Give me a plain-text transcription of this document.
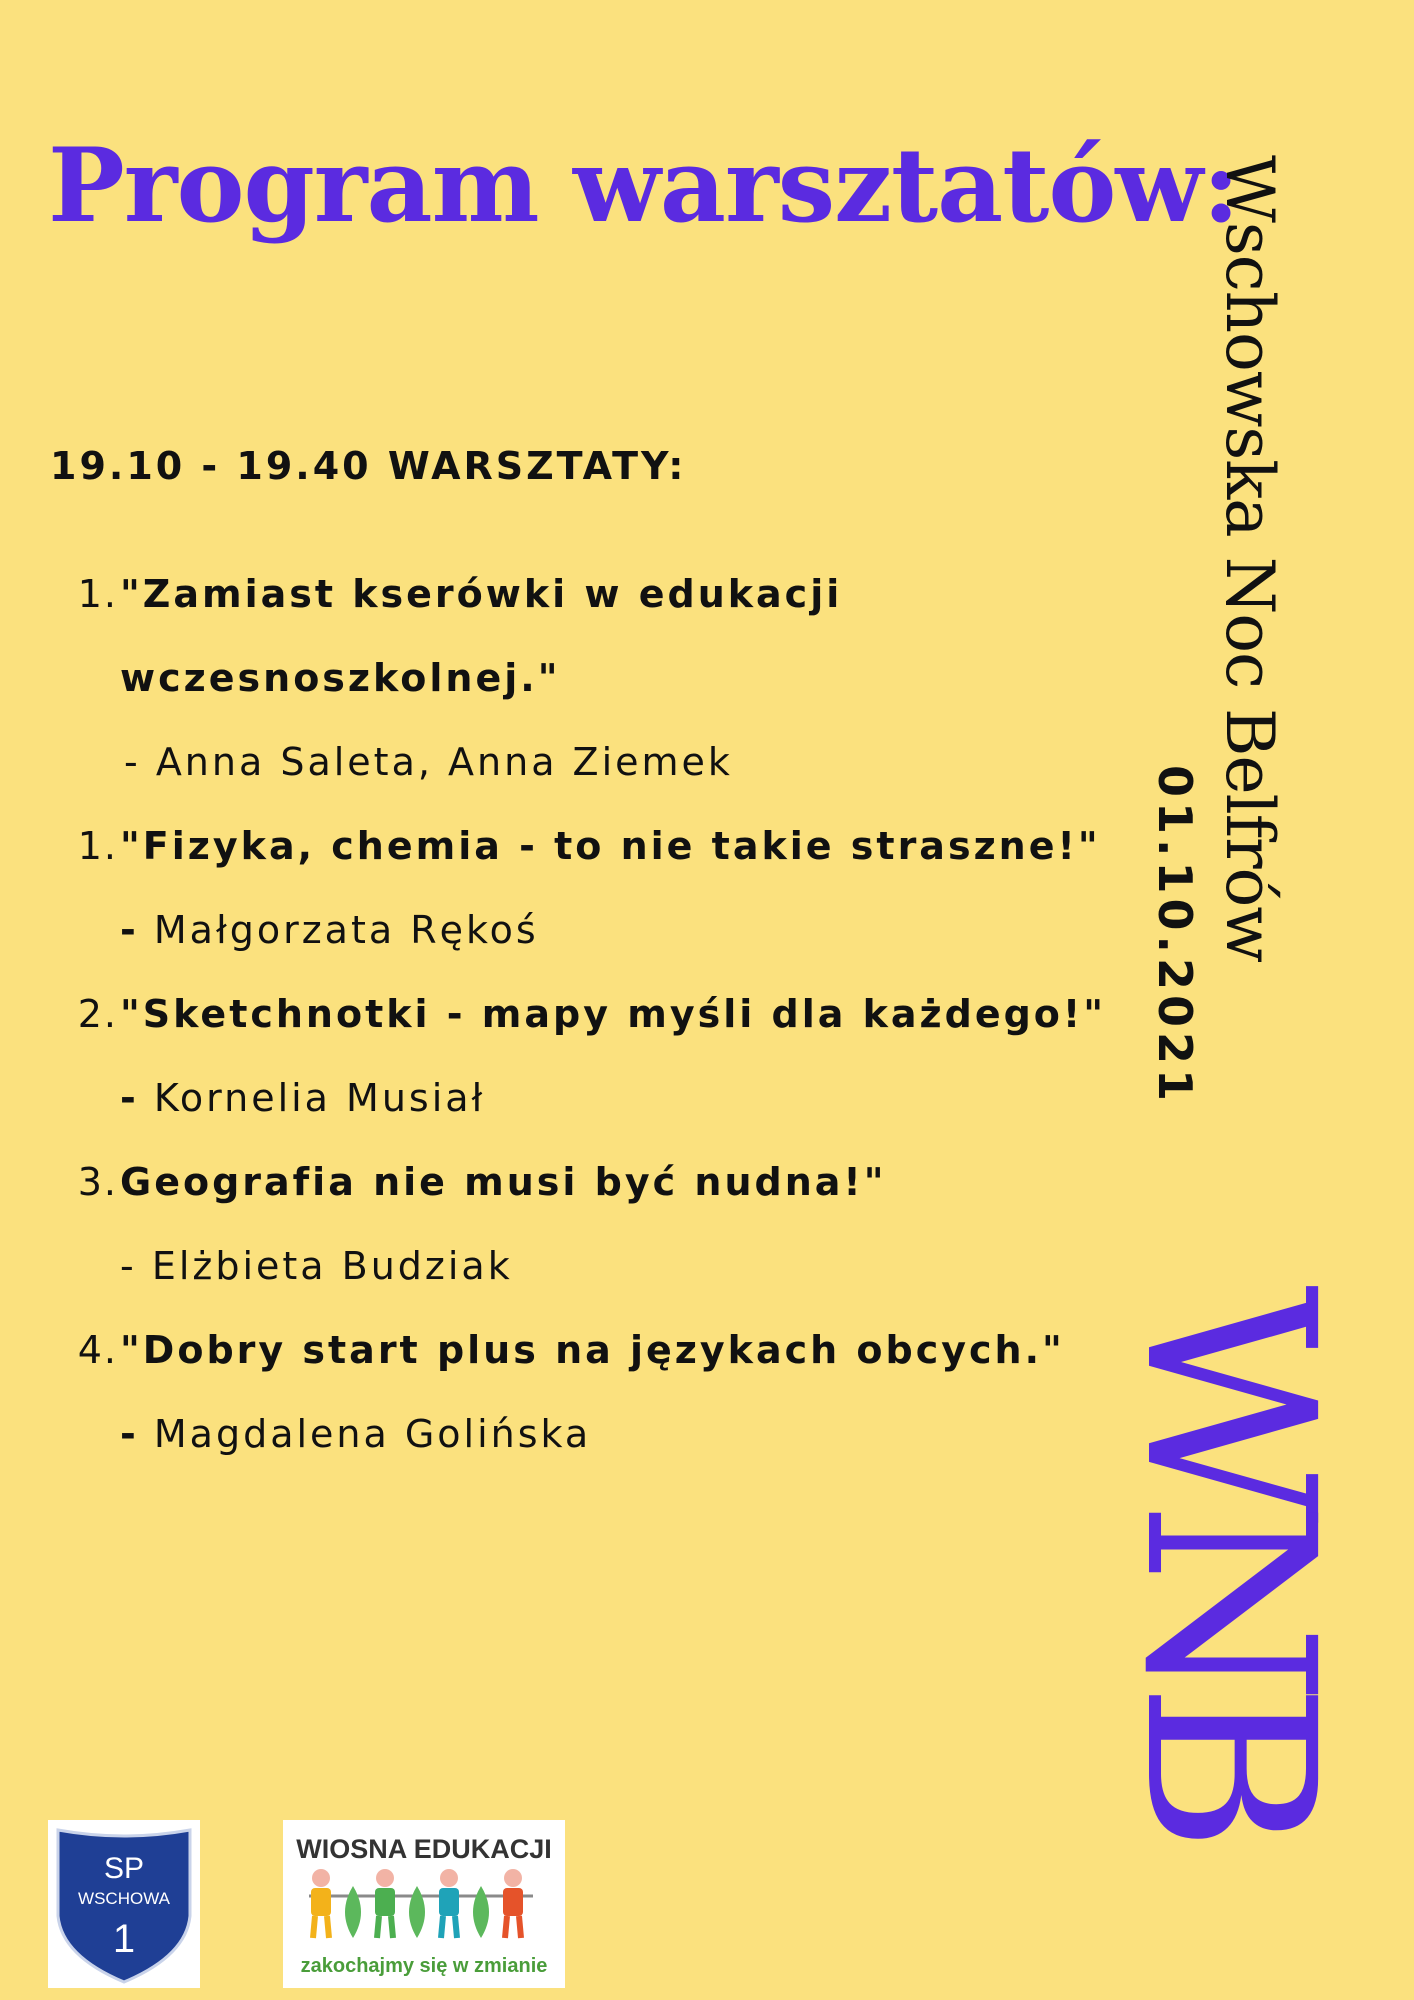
Program warsztatów:
19.10 - 19.40 WARSZTATY:
1. "Zamiast kserówki w edukacji
wczesnoszkolnej."
- Anna Saleta, Anna Ziemek
1. "Fizyka, chemia - to nie takie straszne!"
- Małgorzata Rękoś
2. "Sketchnotki - mapy myśli dla każdego!"
- Kornelia Musiał
3. Geografia nie musi być nudna!"
- Elżbieta Budziak
4. "Dobry start plus na językach obcych."
- Magdalena Golińska
Wschowska Noc Belfrów
01.10.2021
WNB
SP
WSCHOWA
1
WIOSNA EDUKACJI
zakochajmy się w zmianie
